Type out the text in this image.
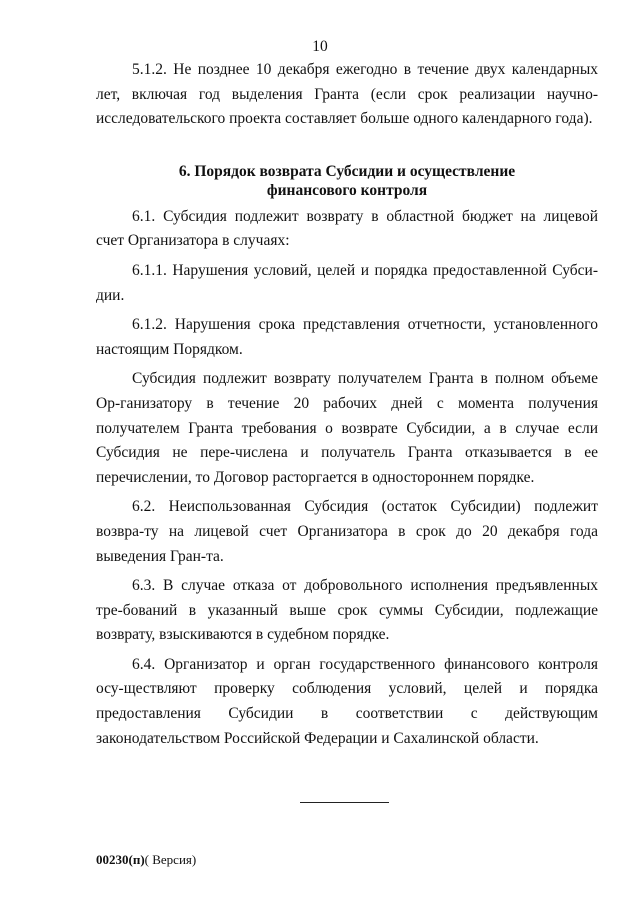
10

5.1.2. Не позднее 10 декабря ежегодно в течение двух календарных лет, включая год выделения Гранта (если срок реализации научно-исследовательского проекта составляет больше одного календарного года).

6. Порядок возврата Субсидии и осуществление
финансового контроля

6.1. Субсидия подлежит возврату в областной бюджет на лицевой счет Организатора в случаях:

6.1.1. Нарушения условий, целей и порядка предоставленной Субси-дии.

6.1.2. Нарушения срока представления отчетности, установленного настоящим Порядком.

Субсидия подлежит возврату получателем Гранта в полном объеме Ор-ганизатору в течение 20 рабочих дней с момента получения получателем Гранта требования о возврате Субсидии, а в случае если Субсидия не пере-числена и получатель Гранта отказывается в ее перечислении, то Договор расторгается в одностороннем порядке.

6.2. Неиспользованная Субсидия (остаток Субсидии) подлежит возвра-ту на лицевой счет Организатора в срок до 20 декабря года выведения Гран-та.

6.3. В случае отказа от добровольного исполнения предъявленных тре-бований в указанный выше срок суммы Субсидии, подлежащие возврату, взыскиваются в судебном порядке.

6.4. Организатор и орган государственного финансового контроля осу-ществляют проверку соблюдения условий, целей и порядка предоставления Субсидии в соответствии с действующим законодательством Российской Федерации и Сахалинской области.

00230(п)( Версия)
